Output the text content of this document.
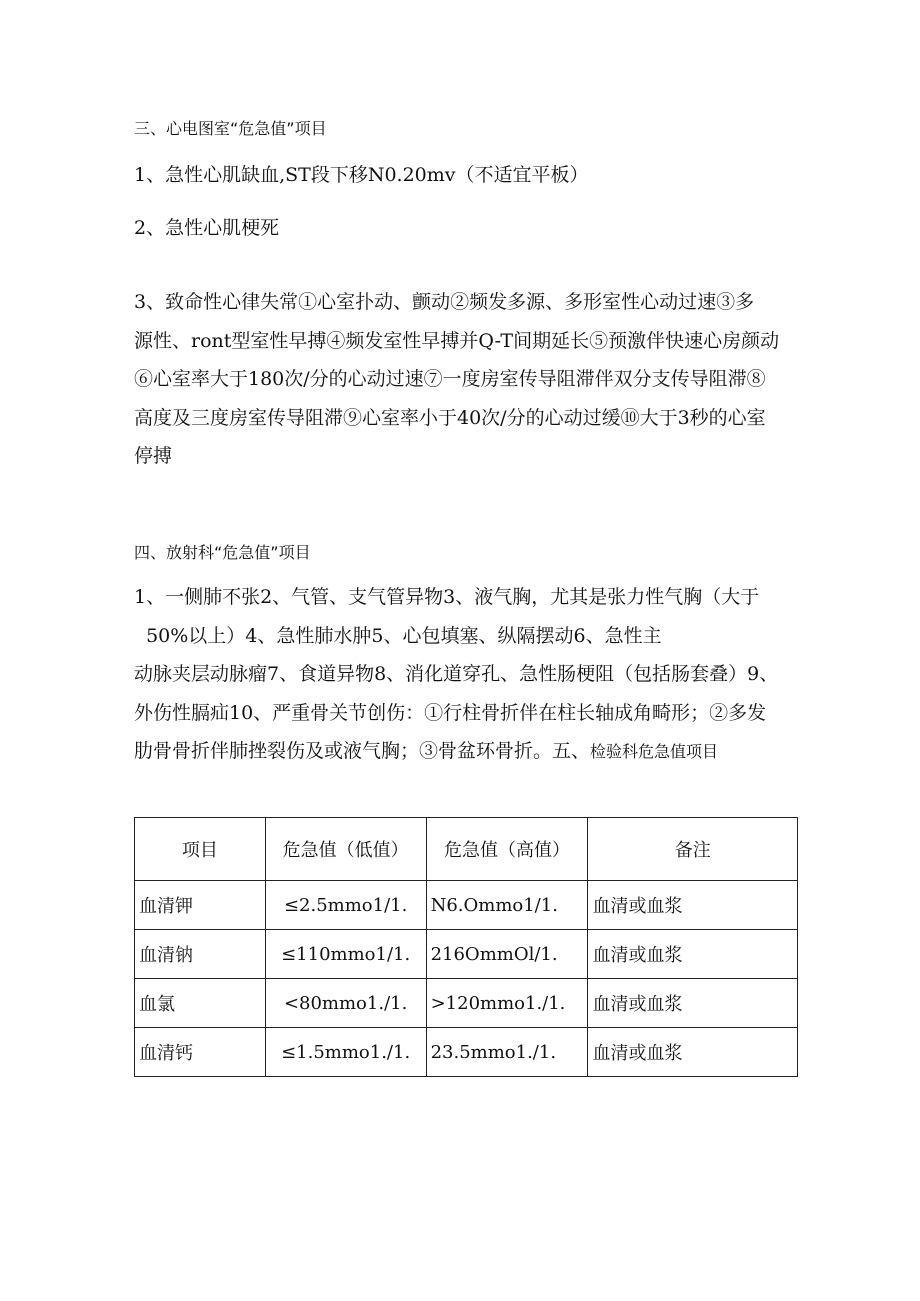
三、心电图室“危急值”项目
1、急性心肌缺血,ST段下移N0.20mv（不适宜平板）
2、急性心肌梗死
3、致命性心律失常①心室扑动、颤动②频发多源、多形室性心动过速③多
源性、ront型室性早搏④频发室性早搏并Q-T间期延长⑤预激伴快速心房颜动
⑥心室率大于180次/分的心动过速⑦一度房室传导阻滞伴双分支传导阻滞⑧
高度及三度房室传导阻滞⑨心室率小于40次/分的心动过缓⑩大于3秒的心室
停搏
四、放射科“危急值”项目
1、一侧肺不张2、气管、支气管异物3、液气胸，尤其是张力性气胸（大于
50%以上）4、急性肺水肿5、心包填塞、纵隔摆动6、急性主
动脉夹层动脉瘤7、食道异物8、消化道穿孔、急性肠梗阻（包括肠套叠）9、
外伤性膈疝10、严重骨关节创伤：①行柱骨折伴在柱长轴成角畸形；②多发
肋骨骨折伴肺挫裂伤及或液气胸；③骨盆环骨折。五、检验科危急值项目
项目	危急值（低值）	危急值（高值）	备注
血清钾	≤2.5mmo1/1.	N6.Ommo1/1.	血清或血浆
血清钠	≤110mmo1/1.	216OmmOl/1.	血清或血浆
血氯	<80mmo1./1.	>120mmo1./1.	血清或血浆
血清钙	≤1.5mmo1./1.	23.5mmo1./1.	血清或血浆
